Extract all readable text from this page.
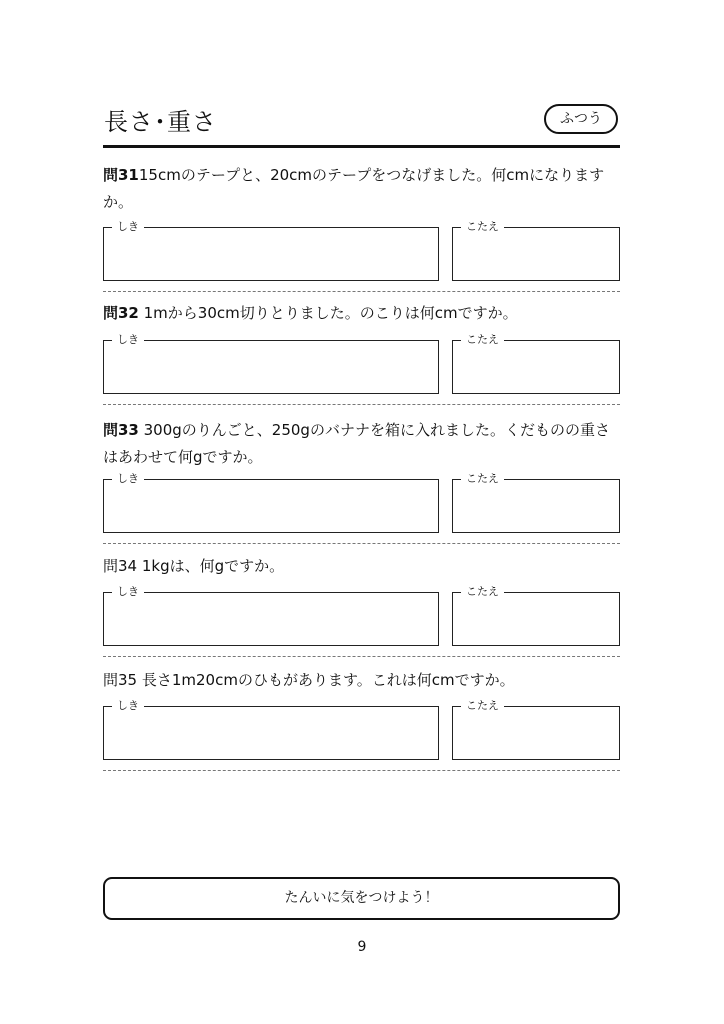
長さ･重さ	ふつう

問3115cmのテープと、20cmのテープをつなげました。何cmになりますか。

しき	こたえ

問32 1mから30cm切りとりました。のこりは何cmですか。

しき	こたえ

問33 300gのりんごと、250gのバナナを箱に入れました。くだものの重さはあわせて何gですか。

しき	こたえ

問34 1kgは、何gですか。

しき	こたえ

問35 長さ1m20cmのひもがあります。これは何cmですか。

しき	こたえ
たんいに気をつけよう！
9
